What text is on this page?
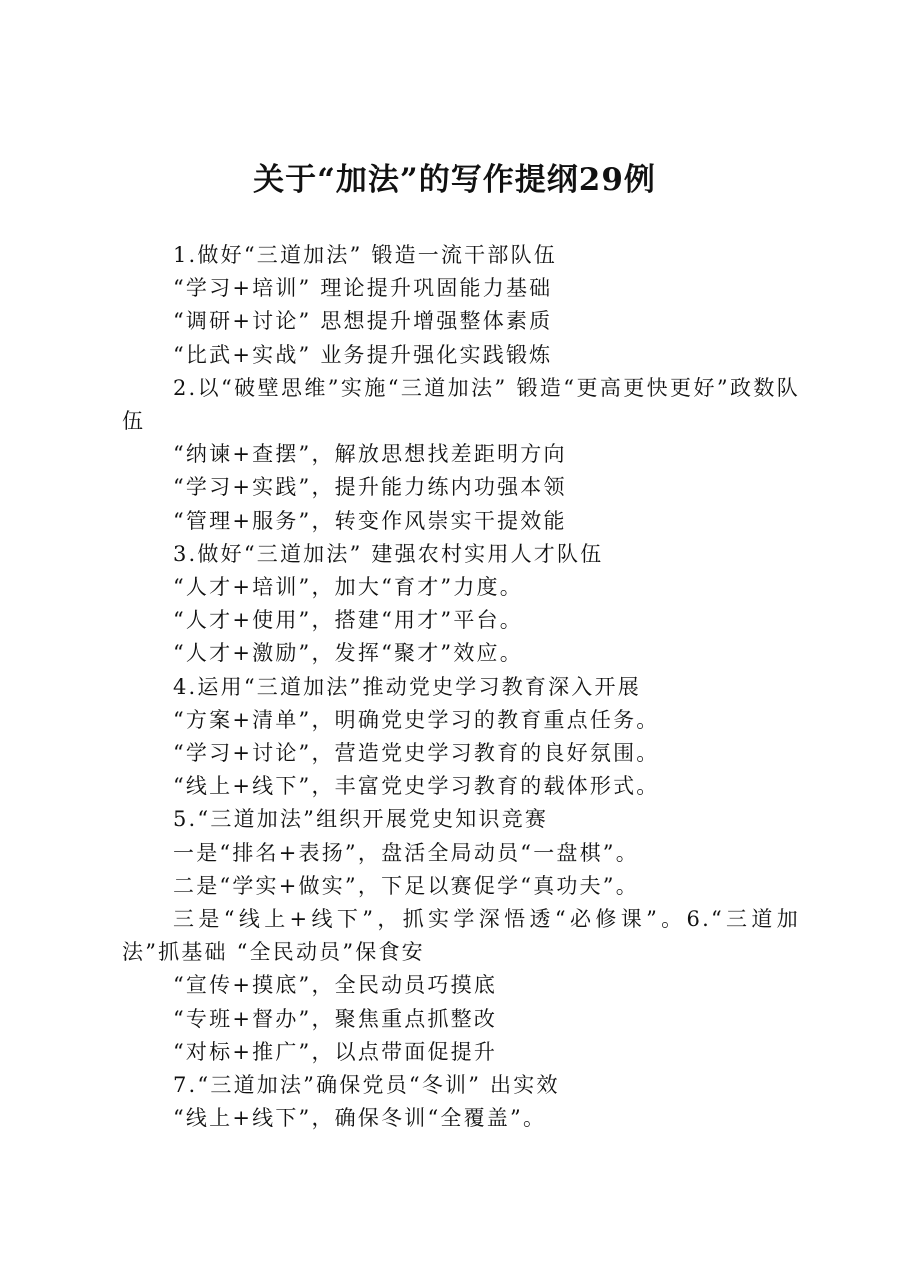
关于“加法”的写作提纲29例

1.做好“三道加法” 锻造一流干部队伍

“学习+培训” 理论提升巩固能力基础

“调研+讨论” 思想提升增强整体素质

“比武+实战” 业务提升强化实践锻炼

2.以“破壁思维”实施“三道加法” 锻造“更高更快更好”政数队伍

“纳谏+查摆”，解放思想找差距明方向

“学习+实践”，提升能力练内功强本领

“管理+服务”，转变作风崇实干提效能

3.做好“三道加法” 建强农村实用人才队伍

“人才+培训”，加大“育才”力度。

“人才+使用”，搭建“用才”平台。

“人才+激励”，发挥“聚才”效应。

4.运用“三道加法”推动党史学习教育深入开展

“方案+清单”，明确党史学习的教育重点任务。

“学习+讨论”，营造党史学习教育的良好氛围。

“线上+线下”，丰富党史学习教育的载体形式。

5.“三道加法”组织开展党史知识竞赛

一是“排名+表扬”，盘活全局动员“一盘棋”。

二是“学实+做实”，下足以赛促学“真功夫”。

三是“线上+线下”，抓实学深悟透“必修课”。6.“三道加法”抓基础 “全民动员”保食安

“宣传+摸底”，全民动员巧摸底

“专班+督办”，聚焦重点抓整改

“对标+推广”，以点带面促提升

7.“三道加法”确保党员“冬训” 出实效

“线上+线下”，确保冬训“全覆盖”。
